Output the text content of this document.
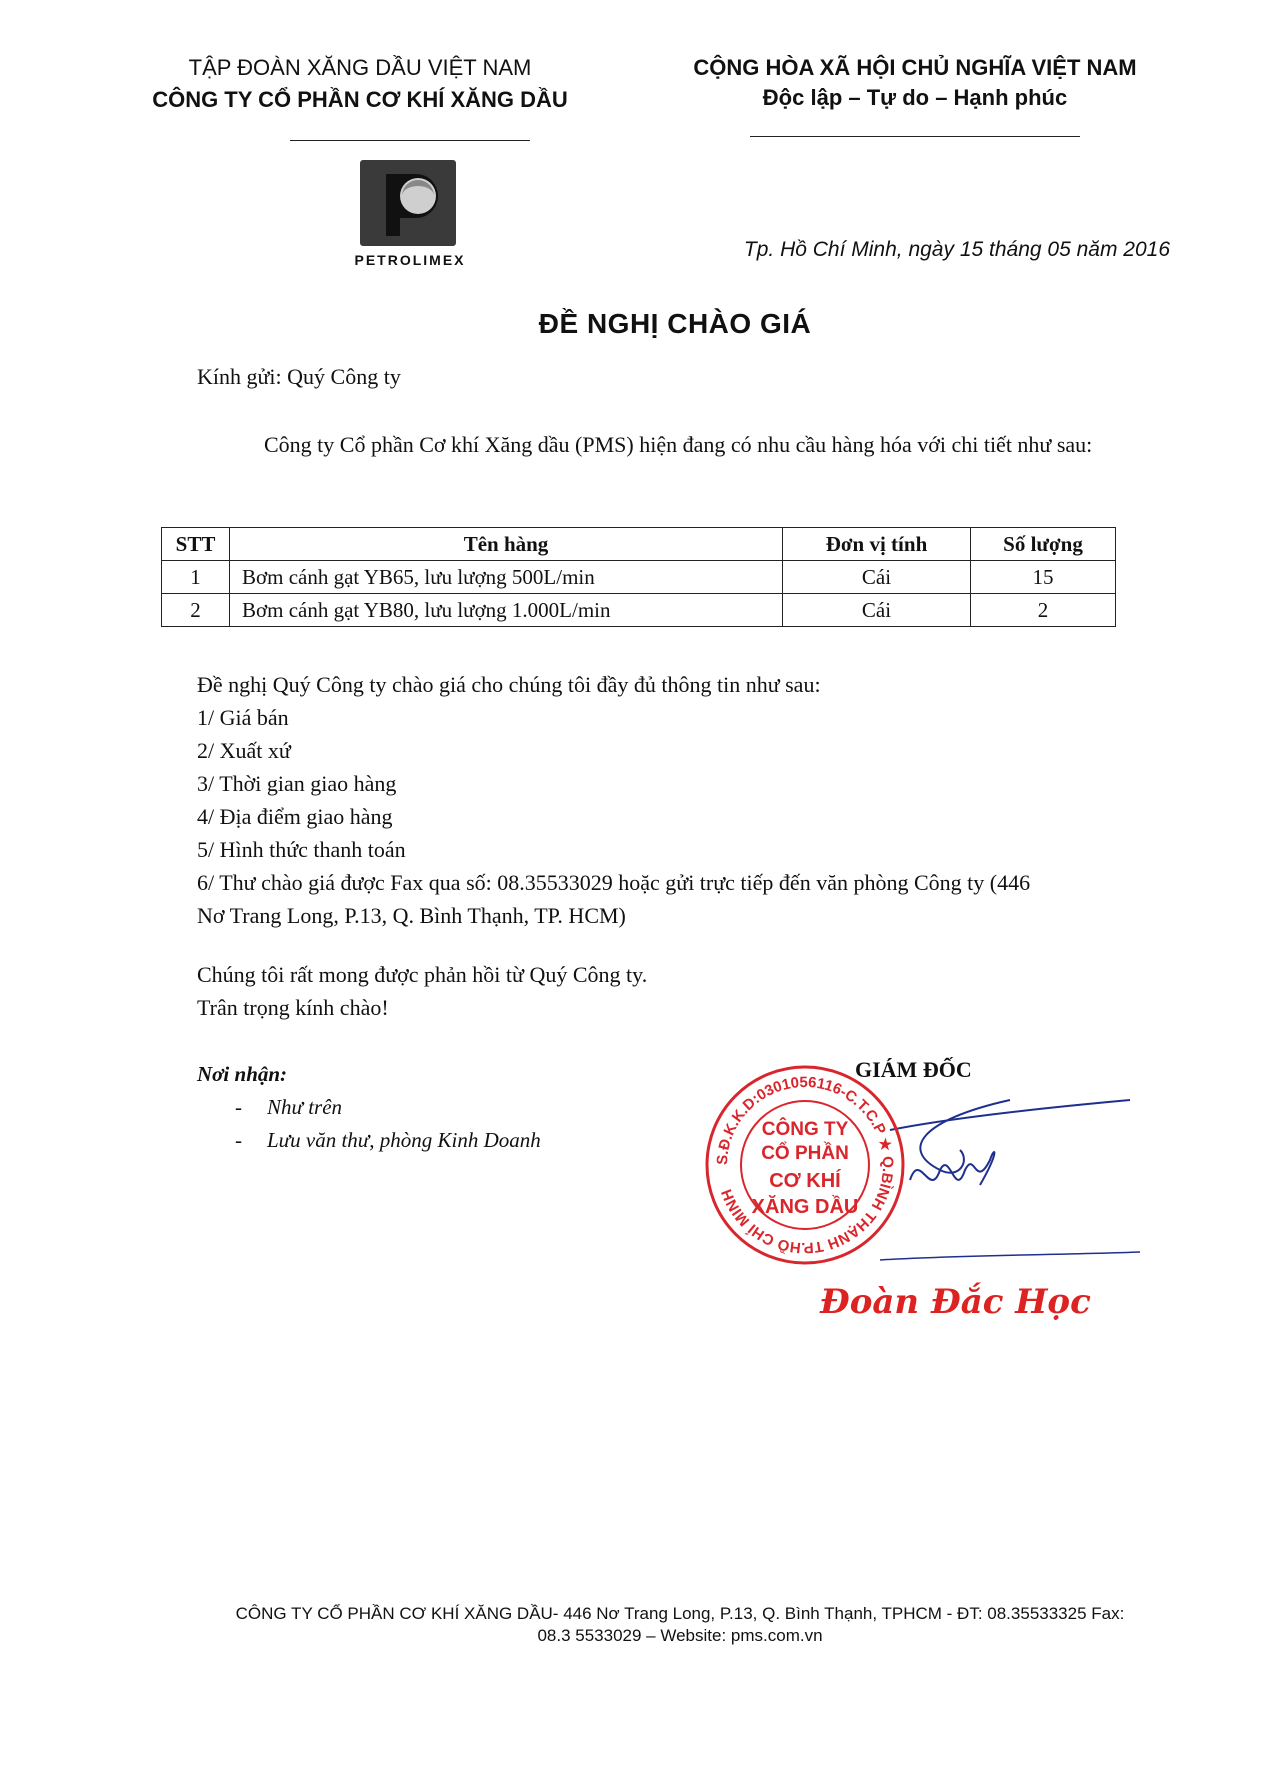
TẬP ĐOÀN XĂNG DẦU VIỆT NAM
CÔNG TY CỔ PHẦN CƠ KHÍ XĂNG DẦU
CỘNG HÒA XÃ HỘI CHỦ NGHĨA VIỆT NAM
Độc lập – Tự do – Hạnh phúc
PETROLIMEX	Tp. Hồ Chí Minh, ngày 15 tháng 05 năm 2016
ĐỀ NGHỊ CHÀO GIÁ
Kính gửi: Quý Công ty
Công ty Cổ phần Cơ khí Xăng dầu (PMS) hiện đang có nhu cầu hàng hóa với chi tiết như sau:
STT	Tên hàng	Đơn vị tính	Số lượng
1	Bơm cánh gạt YB65, lưu lượng 500L/min	Cái	15
2	Bơm cánh gạt YB80, lưu lượng 1.000L/min	Cái	2
Đề nghị Quý Công ty chào giá cho chúng tôi đầy đủ thông tin như sau:
1/ Giá bán
2/ Xuất xứ
3/ Thời gian giao hàng
4/ Địa điểm giao hàng
5/ Hình thức thanh toán
6/ Thư chào giá được Fax qua số: 08.35533029 hoặc gửi trực tiếp đến văn phòng Công ty (446
Nơ Trang Long, P.13, Q. Bình Thạnh, TP. HCM)
Chúng tôi rất mong được phản hồi từ Quý Công ty.
Trân trọng kính chào!
Nơi nhận:
- Như trên
- Lưu văn thư, phòng Kinh Doanh
GIÁM ĐỐC
S.Đ.K.K.D:0301056116-C.T.C.P ★ Q.BÌNH THẠNH TP.HỒ CHÍ MINH
CÔNG TY
CỔ PHẦN
CƠ KHÍ
XĂNG DẦU
Đoàn Đắc Học
CÔNG TY CỔ PHẦN CƠ KHÍ XĂNG DẦU- 446 Nơ Trang Long, P.13, Q. Bình Thạnh, TPHCM - ĐT: 08.35533325 Fax:
08.3 5533029 – Website: pms.com.vn
